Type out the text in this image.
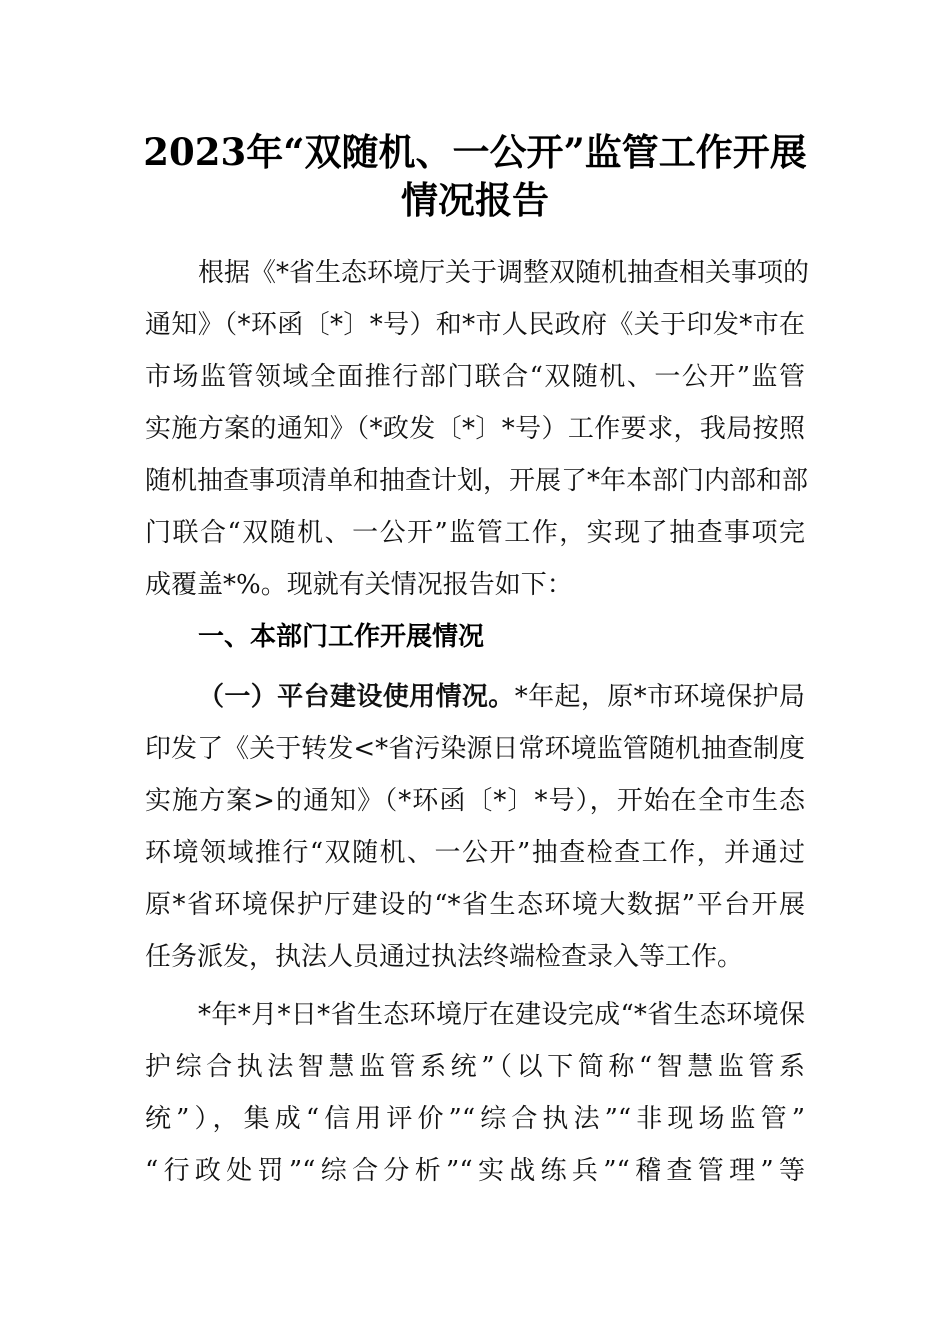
2023年“双随机、一公开”监管工作开展
情况报告
根据《*省生态环境厅关于调整双随机抽查相关事项的
通知》（*环函〔*〕*号）和*市人民政府《关于印发*市在
市场监管领域全面推行部门联合“双随机、一公开”监管
实施方案的通知》（*政发〔*〕*号）工作要求，我局按照
随机抽查事项清单和抽查计划，开展了*年本部门内部和部
门联合“双随机、一公开”监管工作，实现了抽查事项完
成覆盖*%。现就有关情况报告如下：
一、本部门工作开展情况
（一）平台建设使用情况。*年起，原*市环境保护局
印发了《关于转发<*省污染源日常环境监管随机抽查制度
实施方案>的通知》（*环函〔*〕*号），开始在全市生态
环境领域推行“双随机、一公开”抽查检查工作，并通过
原*省环境保护厅建设的“*省生态环境大数据”平台开展
任务派发，执法人员通过执法终端检查录入等工作。
*年*月*日*省生态环境厅在建设完成“*省生态环境保
护综合执法智慧监管系统”（以下简称“智慧监管系
统”），集成“信用评价”“综合执法”“非现场监管”
“行政处罚”“综合分析”“实战练兵”“稽查管理”等
